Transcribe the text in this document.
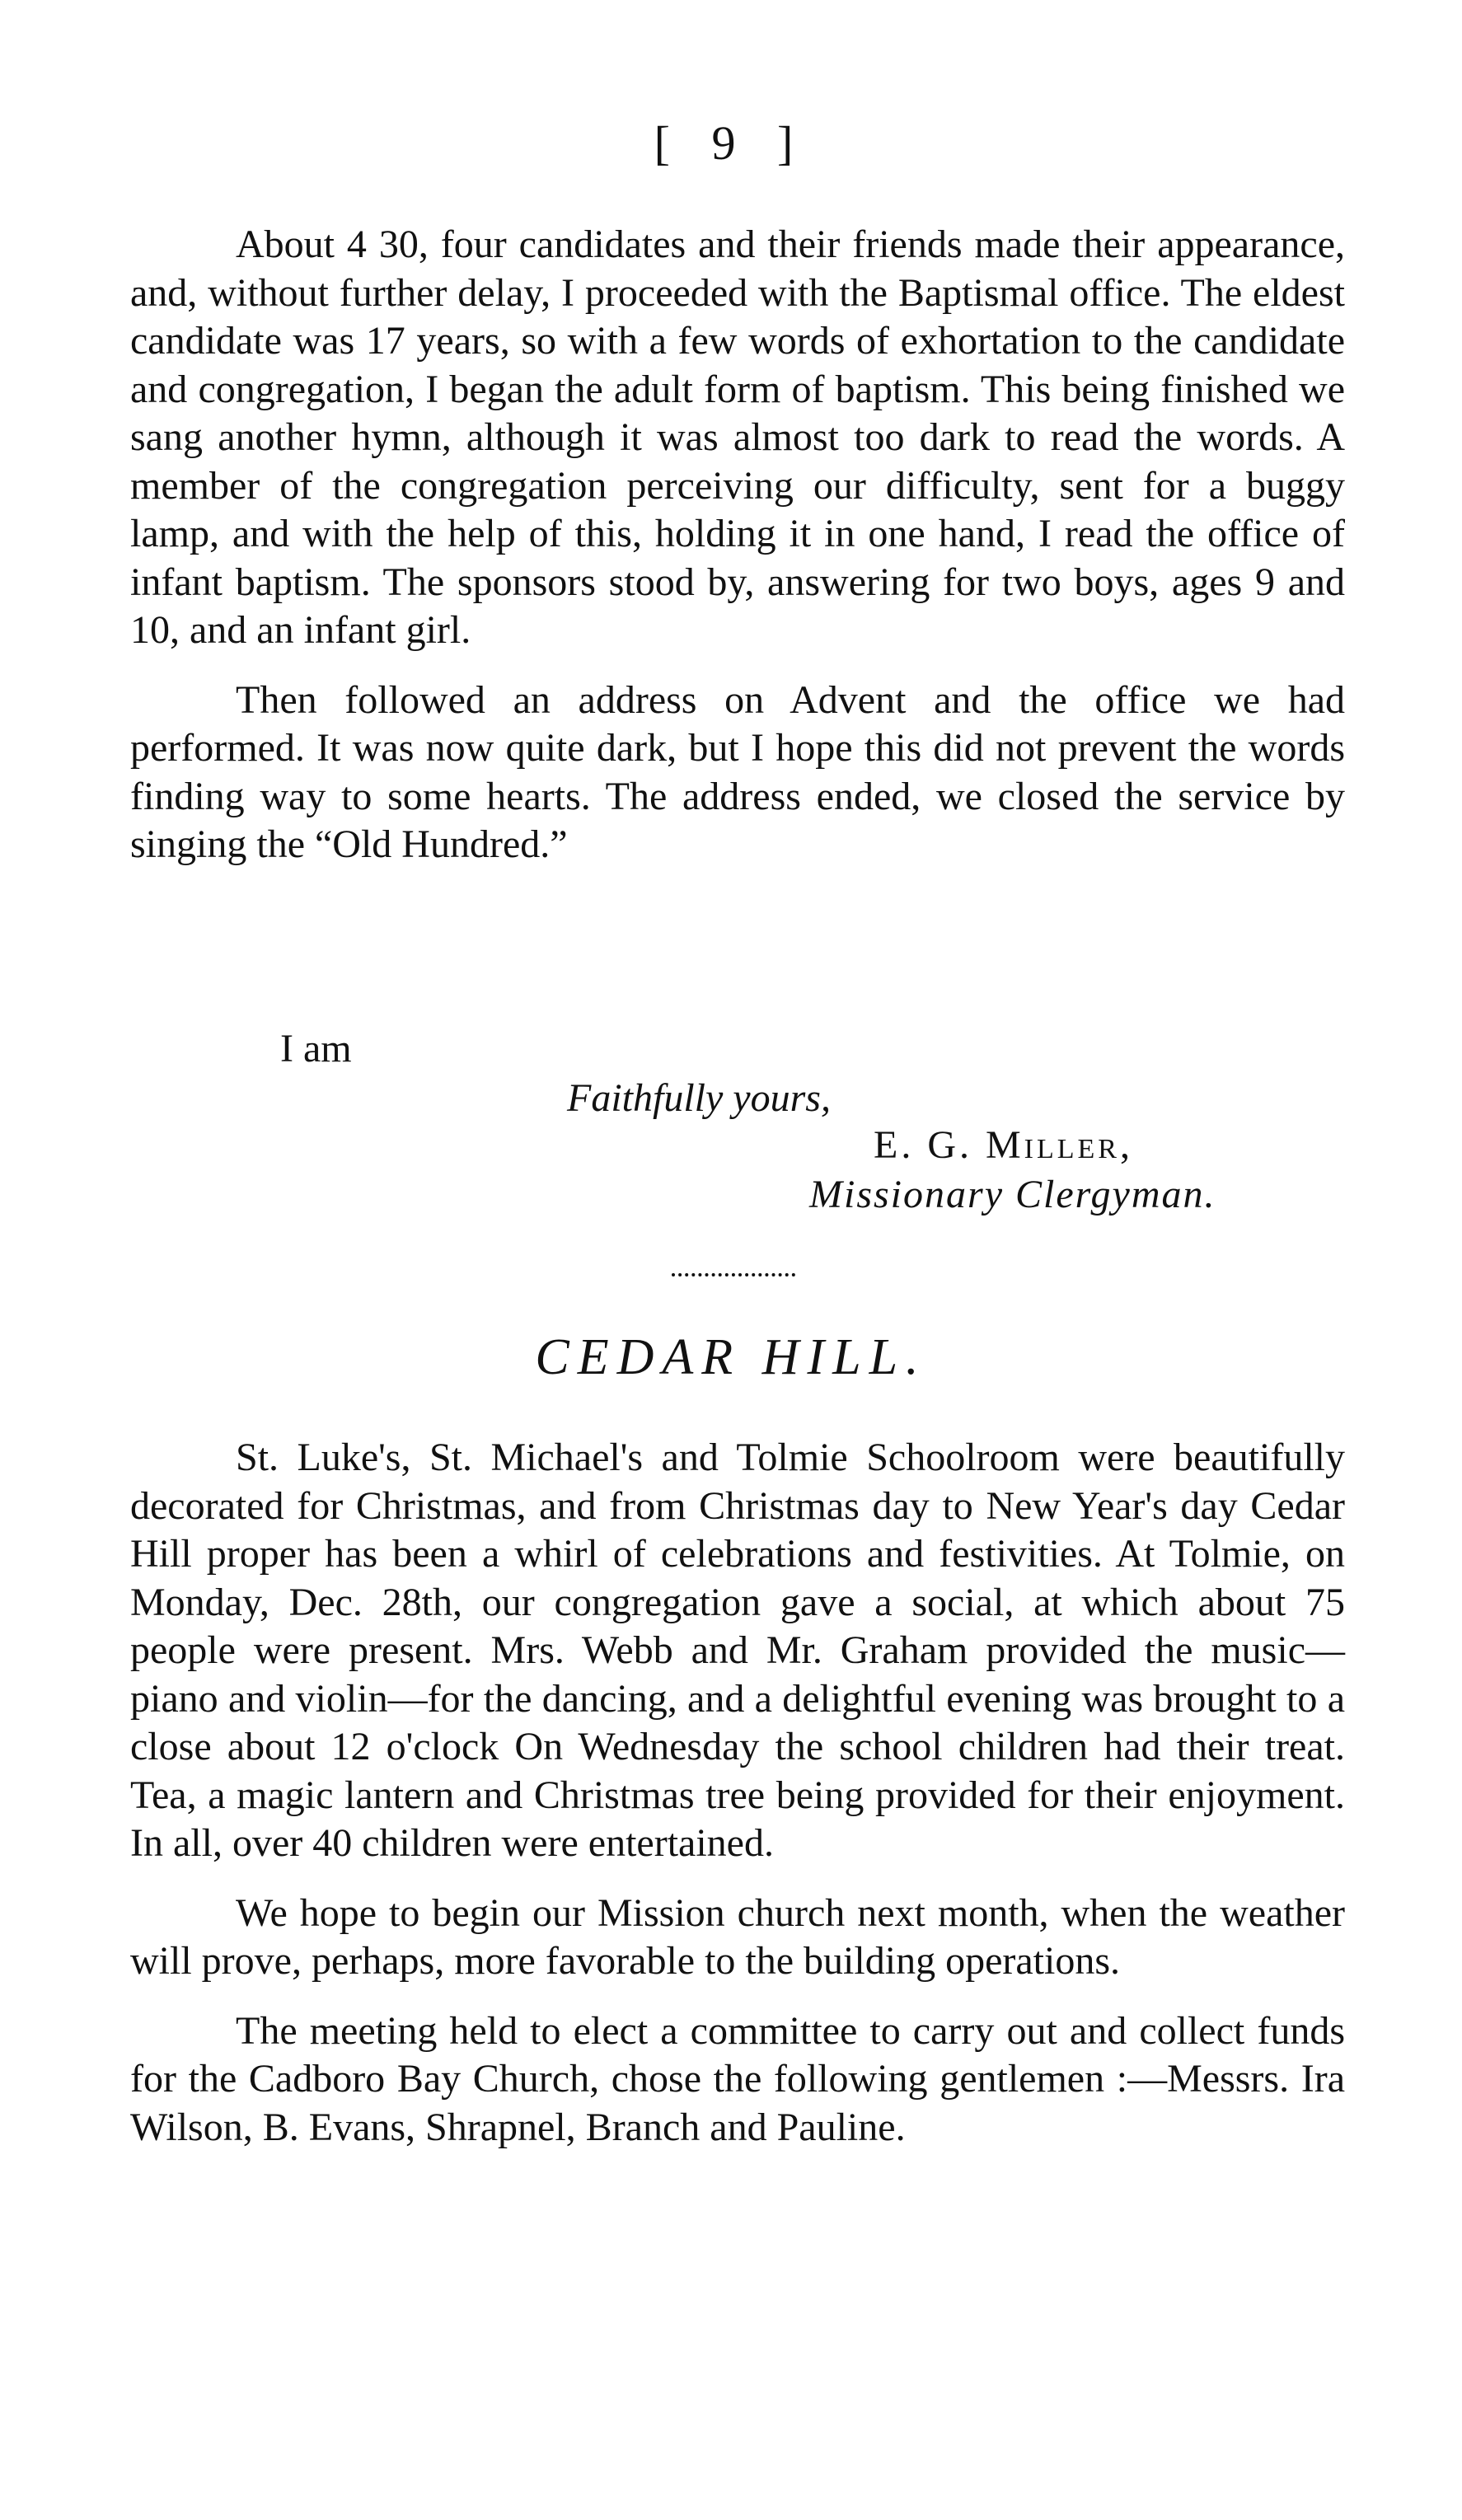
[ 9 ]

About 4 30, four candidates and their friends made their appearance, and, without further delay, I proceeded with the Baptismal office. The eldest candidate was 17 years, so with a few words of exhortation to the candidate and congregation, I began the adult form of baptism. This being finished we sang another hymn, although it was almost too dark to read the words. A member of the congregation perceiving our difficulty, sent for a buggy lamp, and with the help of this, holding it in one hand, I read the office of infant baptism. The sponsors stood by, answering for two boys, ages 9 and 10, and an infant girl.

Then followed an address on Advent and the office we had performed. It was now quite dark, but I hope this did not prevent the words finding way to some hearts. The address ended, we closed the service by singing the “Old Hundred.”

I am
Faithfully yours,
E. G. Miller,
Missionary Clergyman.
CEDAR HILL.

St. Luke's, St. Michael's and Tolmie Schoolroom were beautifully decorated for Christmas, and from Christmas day to New Year's day Cedar Hill proper has been a whirl of celebrations and festivities. At Tolmie, on Monday, Dec. 28th, our congregation gave a social, at which about 75 people were present. Mrs. Webb and Mr. Graham provided the music—piano and violin—for the dancing, and a delightful evening was brought to a close about 12 o'clock On Wednesday the school children had their treat. Tea, a magic lantern and Christmas tree being provided for their enjoyment. In all, over 40 children were entertained.

We hope to begin our Mission church next month, when the weather will prove, perhaps, more favorable to the building operations.

The meeting held to elect a committee to carry out and collect funds for the Cadboro Bay Church, chose the following gentlemen :—Messrs. Ira Wilson, B. Evans, Shrapnel, Branch and Pauline.
